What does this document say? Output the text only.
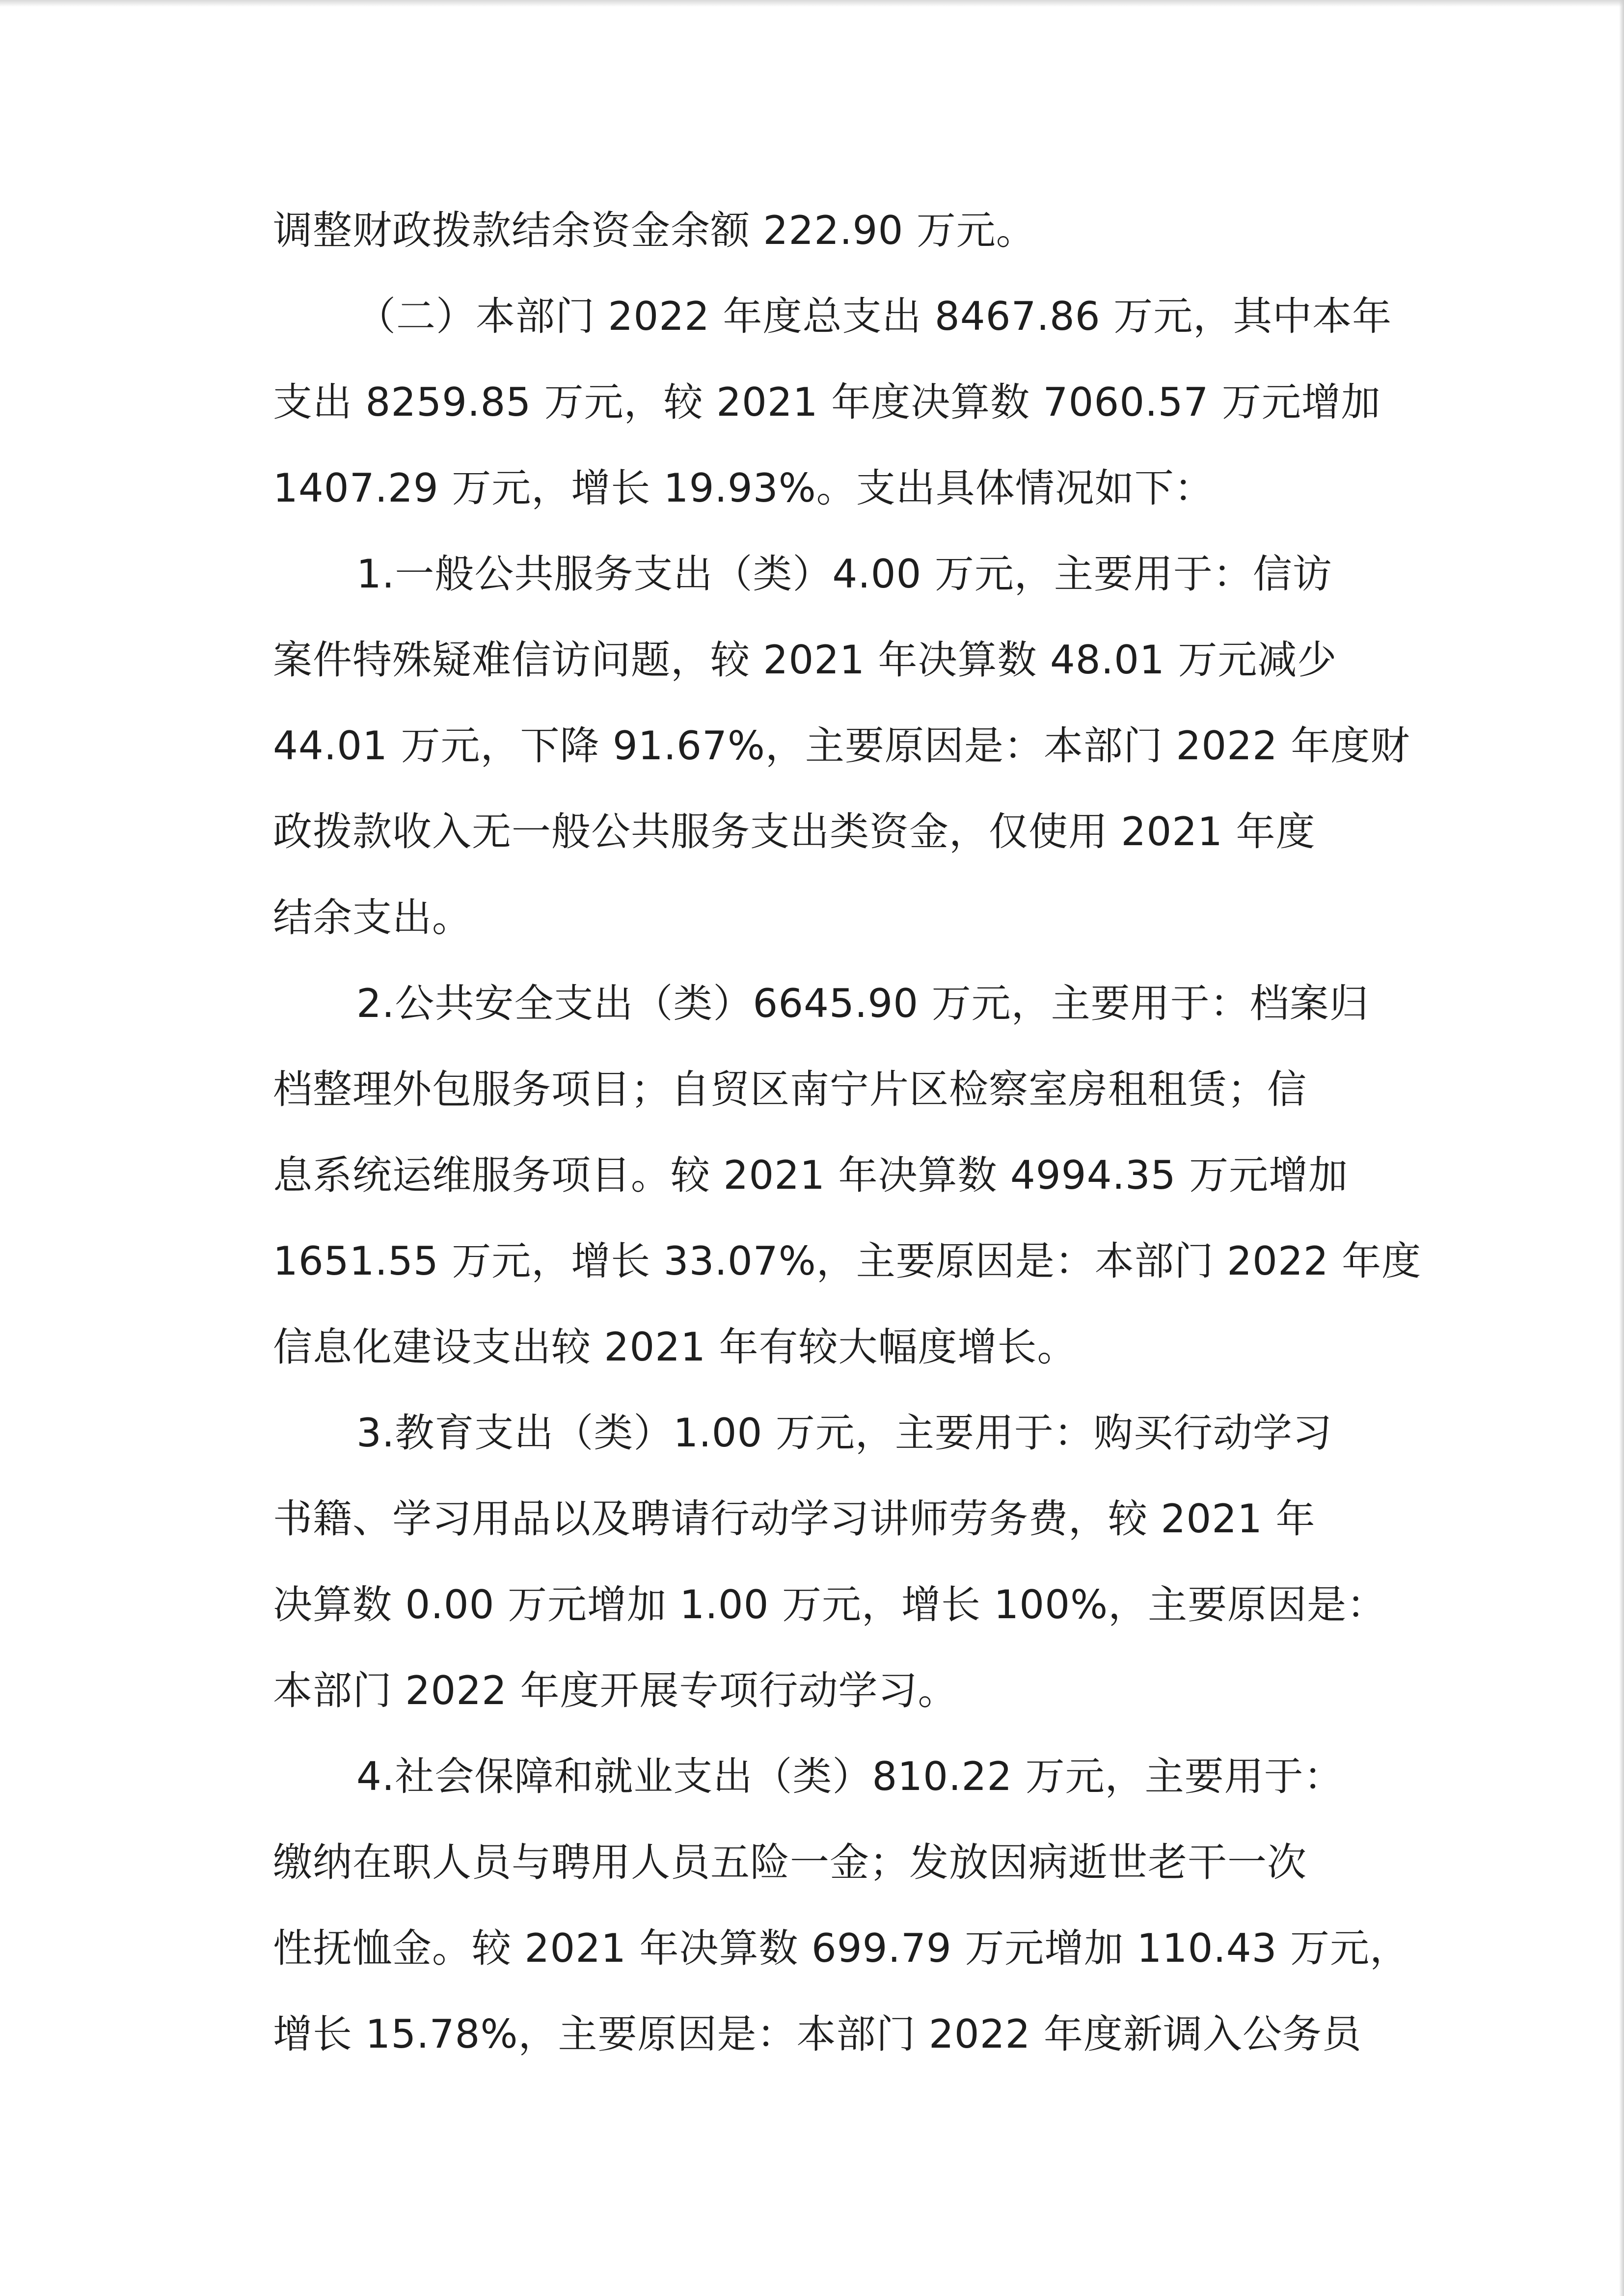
调整财政拨款结余资金余额 222.90 万元。
（二）本部门 2022 年度总支出 8467.86 万元，其中本年
支出 8259.85 万元，较 2021 年度决算数 7060.57 万元增加
1407.29 万元，增长 19.93%。支出具体情况如下：
1.一般公共服务支出（类）4.00 万元，主要用于：信访
案件特殊疑难信访问题，较 2021 年决算数 48.01 万元减少
44.01 万元，下降 91.67%，主要原因是：本部门 2022 年度财
政拨款收入无一般公共服务支出类资金，仅使用 2021 年度
结余支出。
2.公共安全支出（类）6645.90 万元，主要用于：档案归
档整理外包服务项目；自贸区南宁片区检察室房租租赁；信
息系统运维服务项目。较 2021 年决算数 4994.35 万元增加
1651.55 万元，增长 33.07%，主要原因是：本部门 2022 年度
信息化建设支出较 2021 年有较大幅度增长。
3.教育支出（类）1.00 万元，主要用于：购买行动学习
书籍、学习用品以及聘请行动学习讲师劳务费，较 2021 年
决算数 0.00 万元增加 1.00 万元，增长 100%，主要原因是：
本部门 2022 年度开展专项行动学习。
4.社会保障和就业支出（类）810.22 万元，主要用于：
缴纳在职人员与聘用人员五险一金；发放因病逝世老干一次
性抚恤金。较 2021 年决算数 699.79 万元增加 110.43 万元，
增长 15.78%，主要原因是：本部门 2022 年度新调入公务员
